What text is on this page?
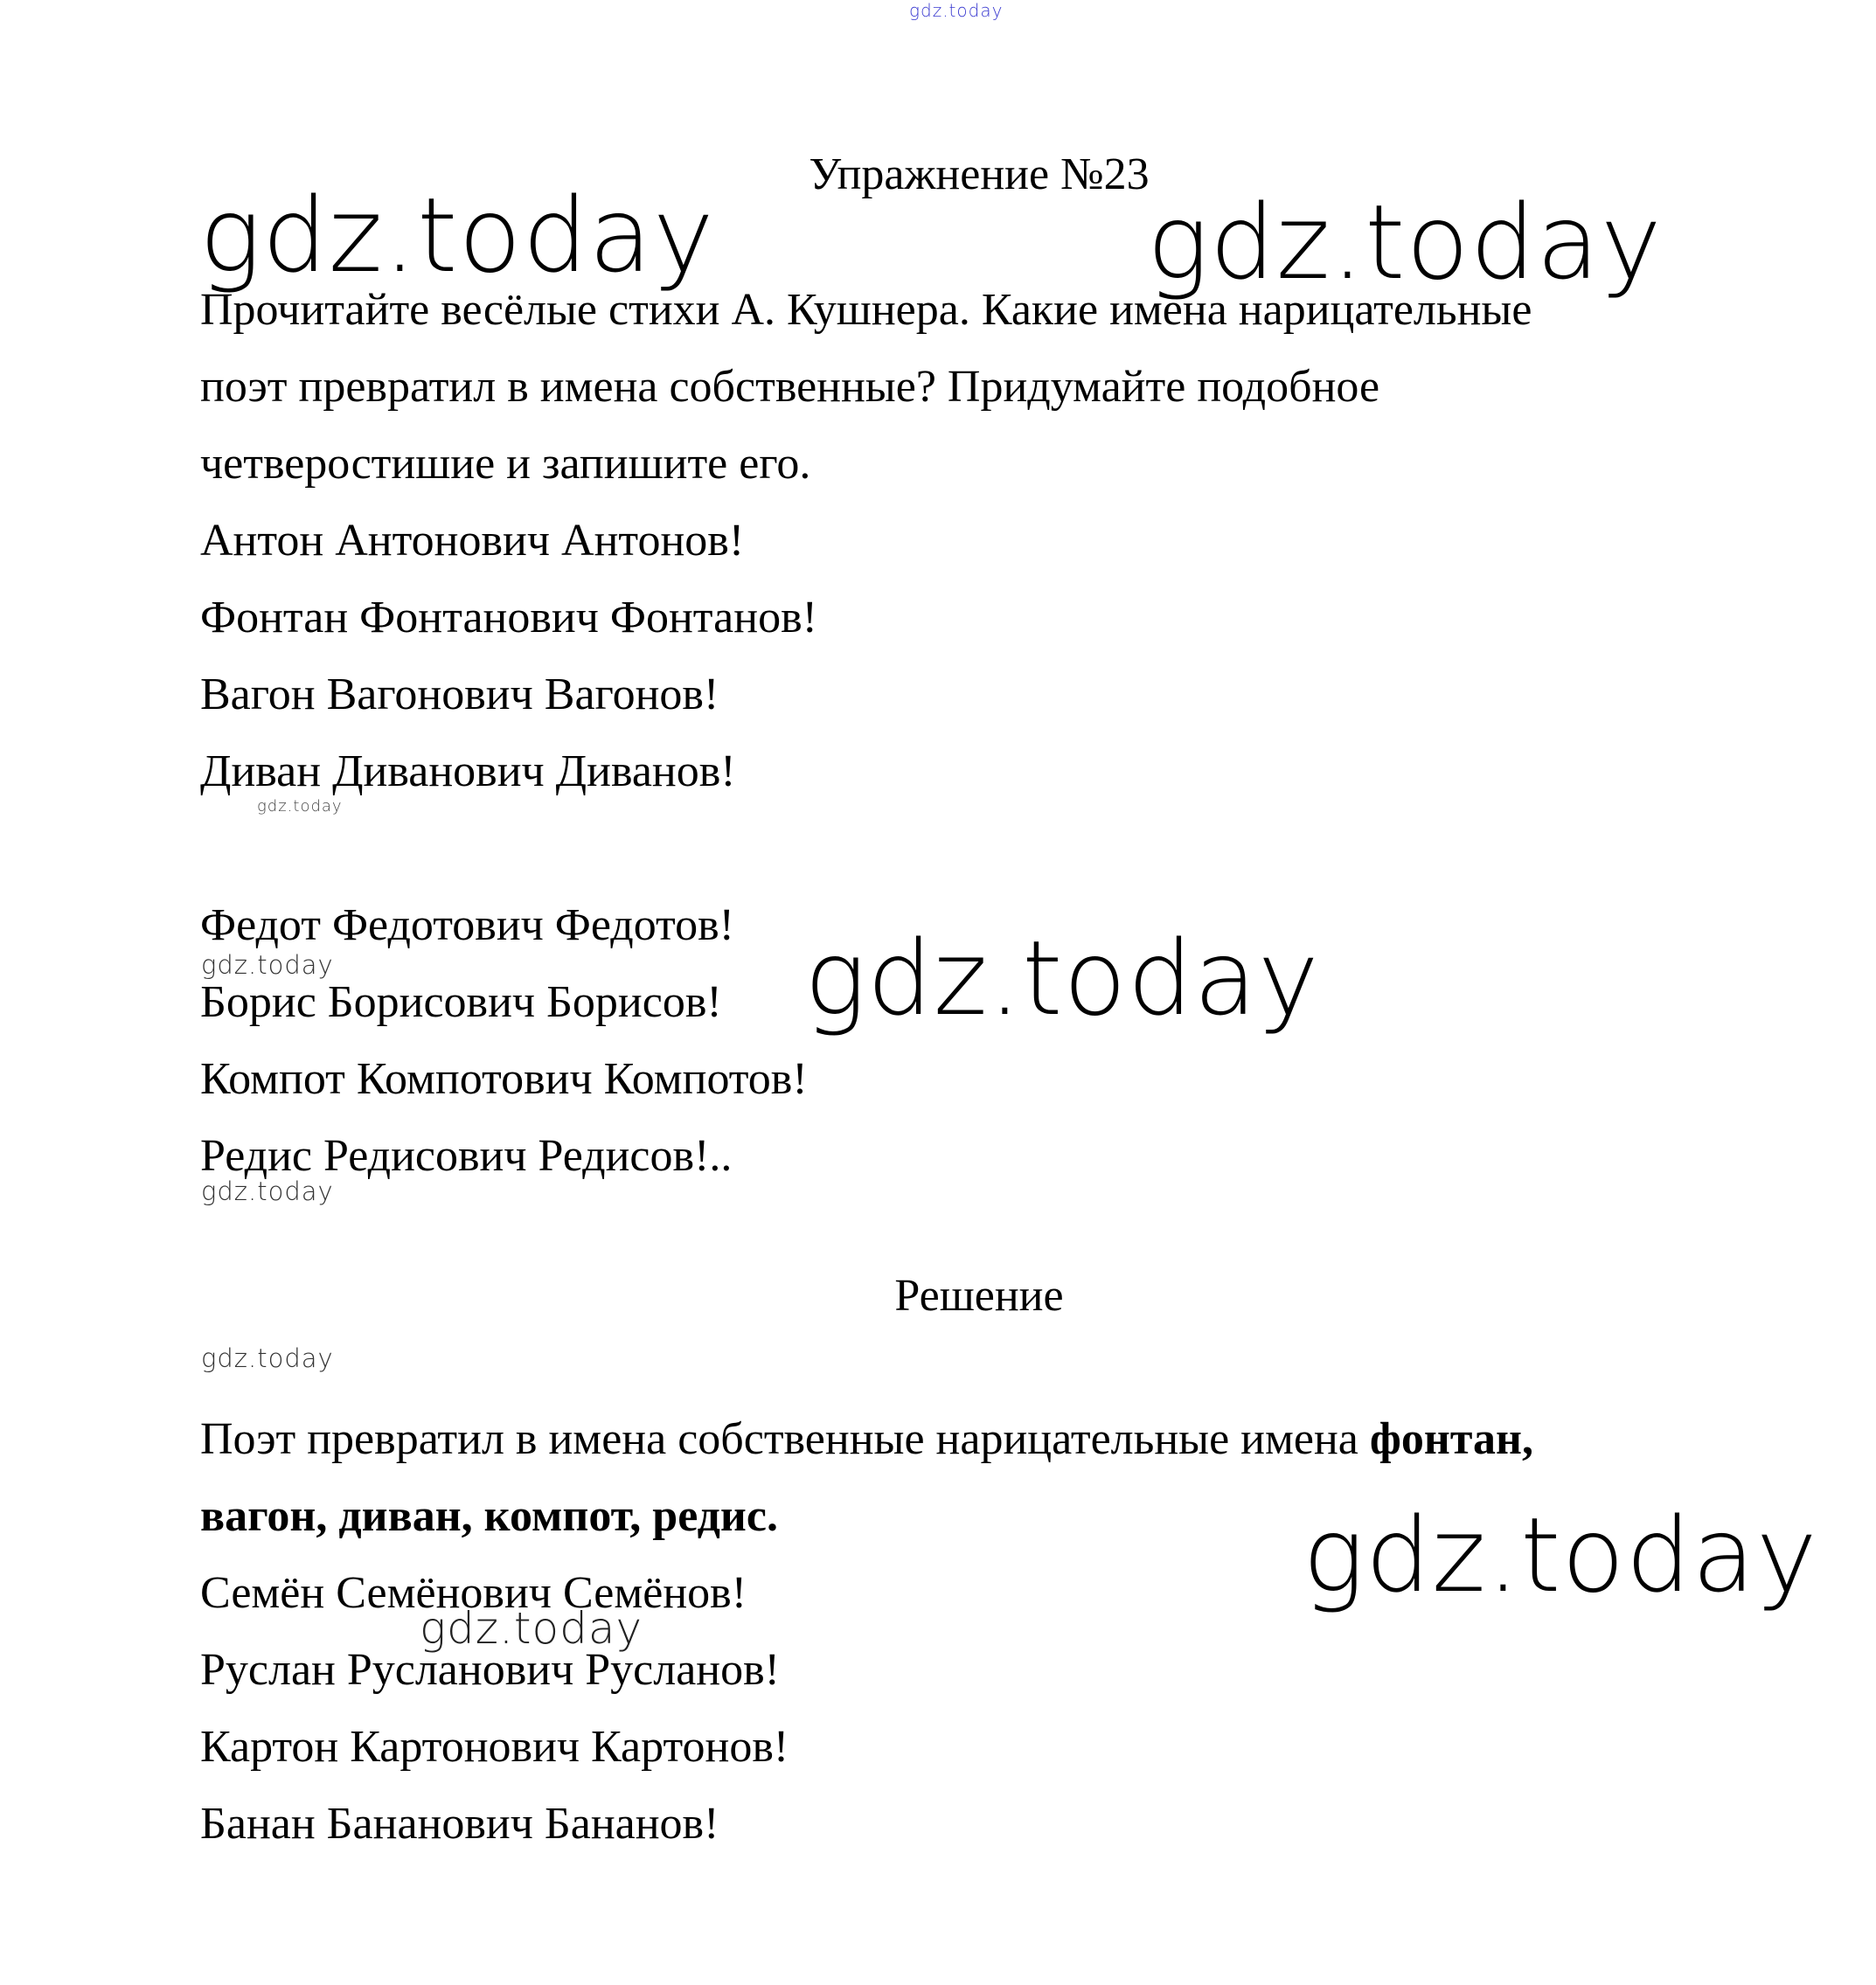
gdz.today
gdz.today	gdz.today
gdz.today
gdz.today	gdz.today
gdz.today
gdz.today
gdz.today
gdz.today
Упражнение №23
Прочитайте весёлые стихи А. Кушнера. Какие имена нарицательные
поэт превратил в имена собственные? Придумайте подобное
четверостишие и запишите его.
Антон Антонович Антонов!
Фонтан Фонтанович Фонтанов!
Вагон Вагонович Вагонов!
Диван Диванович Диванов!
Федот Федотович Федотов!
Борис Борисович Борисов!
Компот Компотович Компотов!
Редис Редисович Редисов!..
Решение
Поэт превратил в имена собственные нарицательные имена фонтан,
вагон, диван, компот, редис.
Семён Семёнович Семёнов!
Руслан Русланович Русланов!
Картон Картонович Картонов!
Банан Бананович Бананов!
